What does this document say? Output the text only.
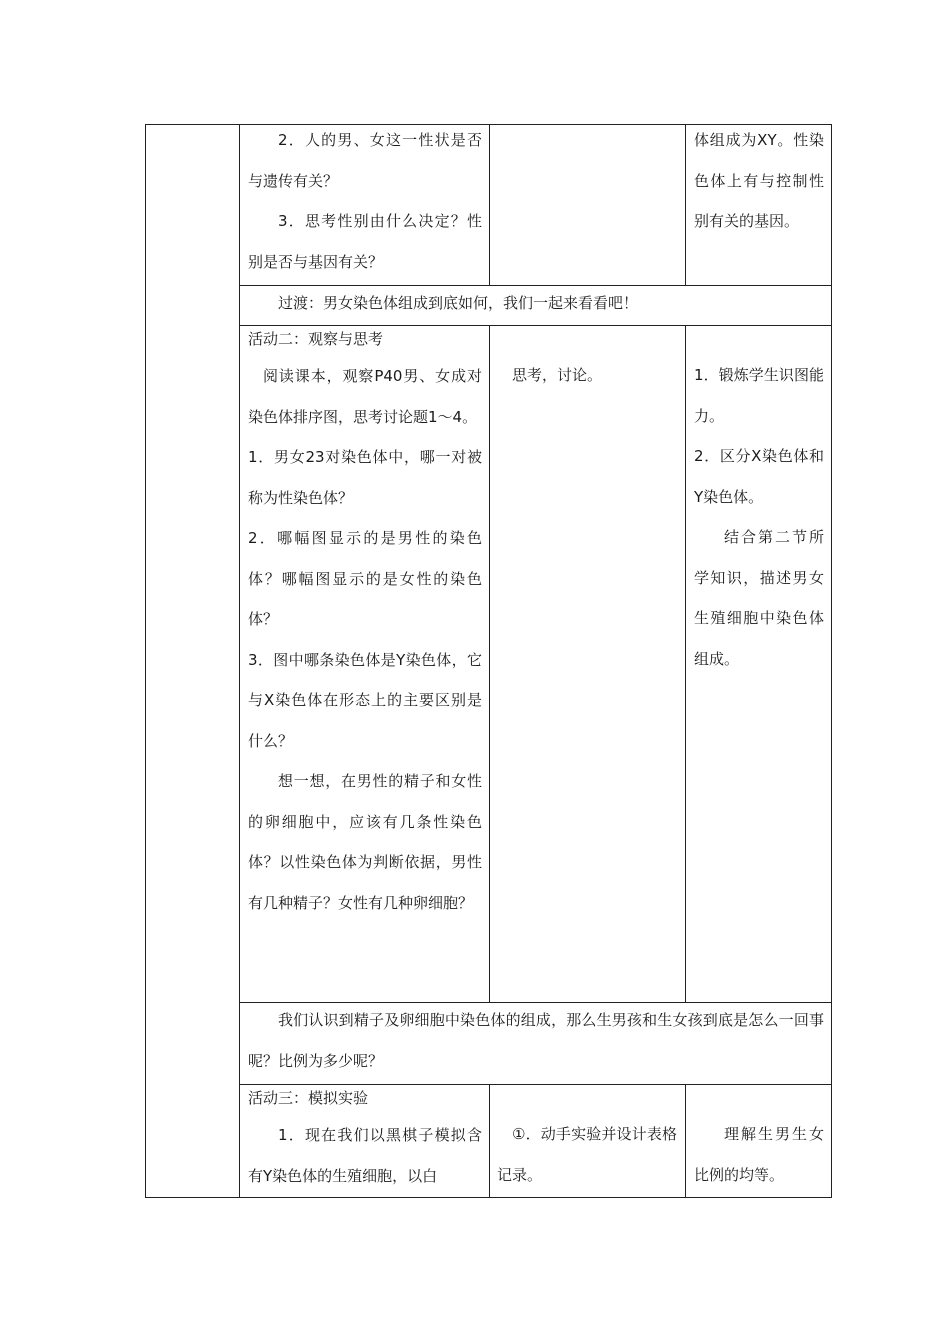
2．人的男、女这一性状是否与遗传有关？

3．思考性别由什么决定？性别是否与基因有关？

体组成为XY。性染色体上有与控制性别有关的基因。

过渡：男女染色体组成到底如何，我们一起来看看吧！

活动二：观察与思考

阅读课本，观察P40男、女成对染色体排序图，思考讨论题1～4。

1．男女23对染色体中，哪一对被称为性染色体？

2．哪幅图显示的是男性的染色体？哪幅图显示的是女性的染色体？

3．图中哪条染色体是Y染色体，它与X染色体在形态上的主要区别是什么？

想一想，在男性的精子和女性的卵细胞中，应该有几条性染色体？以性染色体为判断依据，男性有几种精子？女性有几种卵细胞？

思考，讨论。	1．锻炼学生识图能力。

2．区分X染色体和Y染色体。

结合第二节所学知识，描述男女生殖细胞中染色体组成。

我们认识到精子及卵细胞中染色体的组成，那么生男孩和生女孩到底是怎么一回事呢？比例为多少呢？

活动三：模拟实验

1．现在我们以黑棋子模拟含有Y染色体的生殖细胞，以白

①．动手实验并设计表格记录。

理解生男生女比例的均等。
